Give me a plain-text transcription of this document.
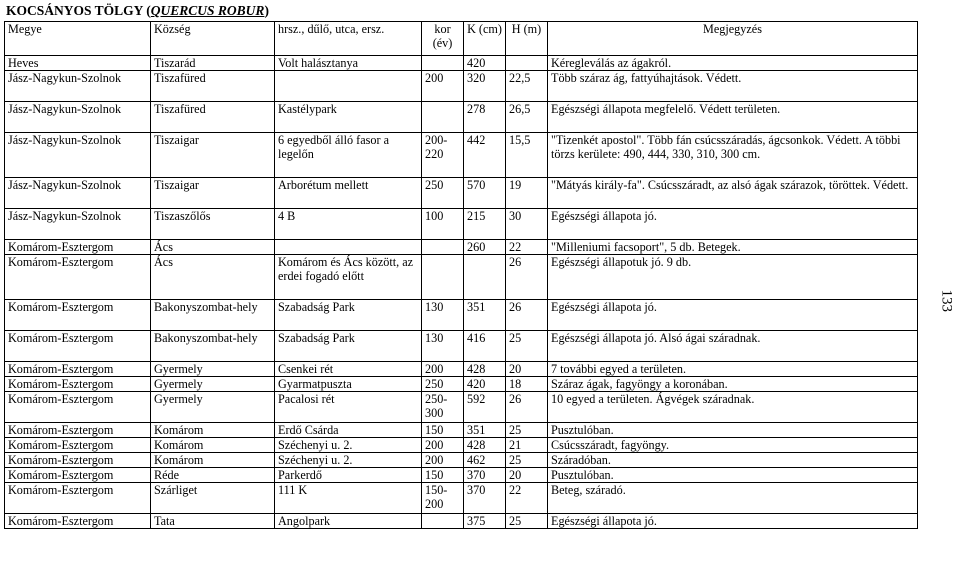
KOCSÁNYOS TÖLGY (QUERCUS ROBUR)
133
Megye	Község	hrsz., dűlő, utca, ersz.	kor (év)	K (cm)	H (m)	Megjegyzés
Heves	Tiszarád	Volt halásztanya		420		Kéregleválás az ágakról.
Jász-Nagykun-Szolnok	Tiszafüred		200	320	22,5	Több száraz ág, fattyúhajtások. Védett.
Jász-Nagykun-Szolnok	Tiszafüred	Kastélypark		278	26,5	Egészségi állapota megfelelő. Védett területen.
Jász-Nagykun-Szolnok	Tiszaigar	6 egyedből álló fasor a legelőn	200-220	442	15,5	"Tizenkét apostol". Több fán csúcsszáradás, ágcsonkok. Védett. A többi törzs kerülete: 490, 444, 330, 310, 300 cm.
Jász-Nagykun-Szolnok	Tiszaigar	Arborétum mellett	250	570	19	"Mátyás király-fa". Csúcsszáradt, az alsó ágak szárazok, töröttek. Védett.
Jász-Nagykun-Szolnok	Tiszaszőlős	4 B	100	215	30	Egészségi állapota jó.
Komárom-Esztergom	Ács			260	22	"Milleniumi facsoport", 5 db. Betegek.
Komárom-Esztergom	Ács	Komárom és Ács között, az erdei fogadó előtt			26	Egészségi állapotuk jó. 9 db.
Komárom-Esztergom	Bakonyszombat-hely	Szabadság Park	130	351	26	Egészségi állapota jó.
Komárom-Esztergom	Bakonyszombat-hely	Szabadság Park	130	416	25	Egészségi állapota jó. Alsó ágai száradnak.
Komárom-Esztergom	Gyermely	Csenkei rét	200	428	20	7 további egyed a területen.
Komárom-Esztergom	Gyermely	Gyarmatpuszta	250	420	18	Száraz ágak, fagyöngy a koronában.
Komárom-Esztergom	Gyermely	Pacalosi rét	250-300	592	26	10 egyed a területen. Ágvégek száradnak.
Komárom-Esztergom	Komárom	Erdő Csárda	150	351	25	Pusztulóban.
Komárom-Esztergom	Komárom	Széchenyi u. 2.	200	428	21	Csúcsszáradt, fagyöngy.
Komárom-Esztergom	Komárom	Széchenyi u. 2.	200	462	25	Száradóban.
Komárom-Esztergom	Réde	Parkerdő	150	370	20	Pusztulóban.
Komárom-Esztergom	Szárliget	111 K	150-200	370	22	Beteg, száradó.
Komárom-Esztergom	Tata	Angolpark		375	25	Egészségi állapota jó.
